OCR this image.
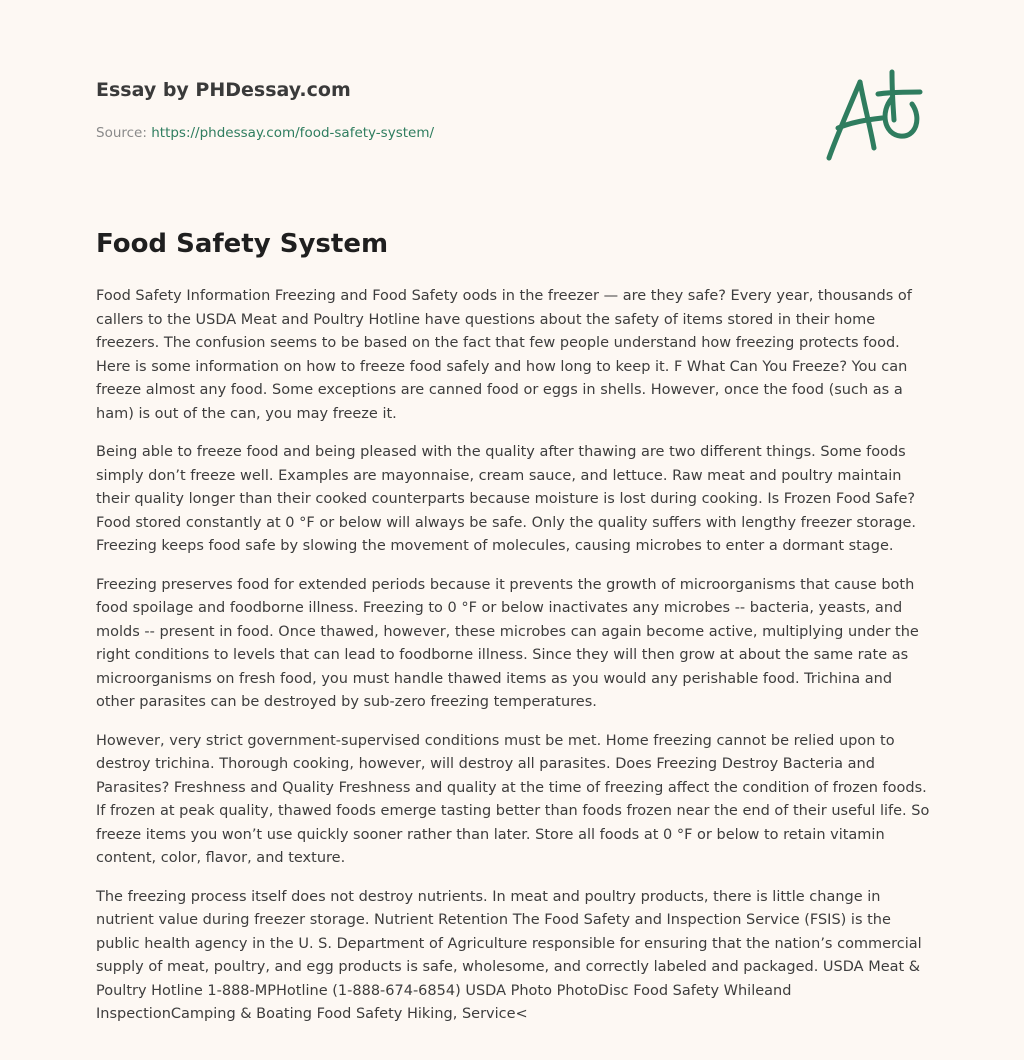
Essay by PHDessay.com

Source: https://phdessay.com/food-safety-system/
Food Safety System

Food Safety Information Freezing and Food Safety oods in the freezer — are they safe? Every year, thousands of callers to the USDA Meat and Poultry Hotline have questions about the safety of items stored in their home freezers. The confusion seems to be based on the fact that few people understand how freezing protects food. Here is some information on how to freeze food safely and how long to keep it. F What Can You Freeze? You can freeze almost any food. Some exceptions are canned food or eggs in shells. However, once the food (such as a ham) is out of the can, you may freeze it.

Being able to freeze food and being pleased with the quality after thawing are two different things. Some foods simply don’t freeze well. Examples are mayonnaise, cream sauce, and lettuce. Raw meat and poultry maintain their quality longer than their cooked counterparts because moisture is lost during cooking. Is Frozen Food Safe? Food stored constantly at 0 °F or below will always be safe. Only the quality suffers with lengthy freezer storage. Freezing keeps food safe by slowing the movement of molecules, causing microbes to enter a dormant stage.

Freezing preserves food for extended periods because it prevents the growth of microorganisms that cause both food spoilage and foodborne illness. Freezing to 0 °F or below inactivates any microbes -- bacteria, yeasts, and molds -- present in food. Once thawed, however, these microbes can again become active, multiplying under the right conditions to levels that can lead to foodborne illness. Since they will then grow at about the same rate as microorganisms on fresh food, you must handle thawed items as you would any perishable food. Trichina and other parasites can be destroyed by sub-zero freezing temperatures.

However, very strict government-supervised conditions must be met. Home freezing cannot be relied upon to destroy trichina. Thorough cooking, however, will destroy all parasites. Does Freezing Destroy Bacteria and Parasites? Freshness and Quality Freshness and quality at the time of freezing affect the condition of frozen foods. If frozen at peak quality, thawed foods emerge tasting better than foods frozen near the end of their useful life. So freeze items you won’t use quickly sooner rather than later. Store all foods at 0 °F or below to retain vitamin content, color, flavor, and texture.

The freezing process itself does not destroy nutrients. In meat and poultry products, there is little change in nutrient value during freezer storage. Nutrient Retention The Food Safety and Inspection Service (FSIS) is the public health agency in the U. S. Department of Agriculture responsible for ensuring that the nation’s commercial supply of meat, poultry, and egg products is safe, wholesome, and correctly labeled and packaged. USDA Meat & Poultry Hotline 1-888-MPHotline (1-888-674-6854) USDA Photo PhotoDisc Food Safety Whileand InspectionCamping & Boating Food Safety Hiking, Service<
